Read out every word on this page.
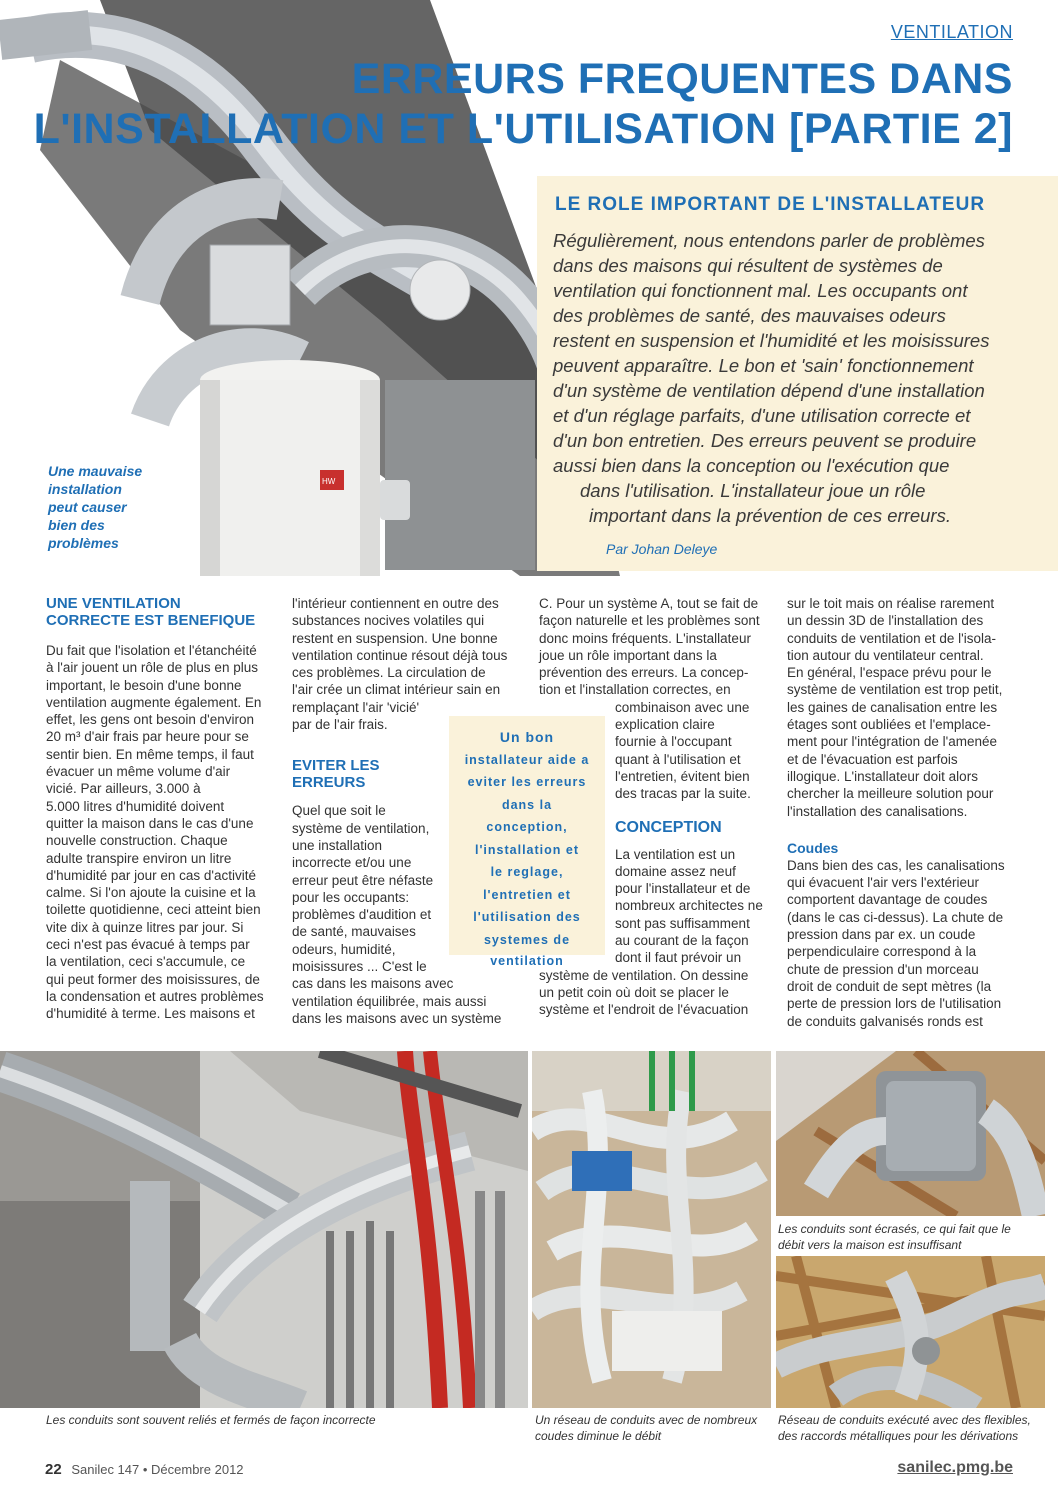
HW
VENTILATION
ERREURS FREQUENTES DANS
L'INSTALLATION ET L'UTILISATION [PARTIE 2]
LE ROLE IMPORTANT DE L'INSTALLATEUR
Régulièrement, nous entendons parler de problèmes
dans des maisons qui résultent de systèmes de
ventilation qui fonctionnent mal. Les occupants ont
des problèmes de santé, des mauvaises odeurs
restent en suspension et l'humidité et les moisissures
peuvent apparaître. Le bon et 'sain' fonctionnement
d'un système de ventilation dépend d'une installation
et d'un réglage parfaits, d'une utilisation correcte et
d'un bon entretien. Des erreurs peuvent se produire
aussi bien dans la conception ou l'exécution que
dans l'utilisation. L'installateur joue un rôle
important dans la prévention de ces erreurs.
Par Johan Deleye
Une mauvaise installation peut causer bien des problèmes
UNE VENTILATION
CORRECTE EST BENEFIQUE

Du fait que l'isolation et l'étanchéité

à l'air jouent un rôle de plus en plus

important, le besoin d'une bonne

ventilation augmente également. En

effet, les gens ont besoin d'environ

20 m³ d'air frais par heure pour se

sentir bien. En même temps, il faut

évacuer un même volume d'air

vicié. Par ailleurs, 3.000 à

5.000 litres d'humidité doivent

quitter la maison dans le cas d'une

nouvelle construction. Chaque

adulte transpire environ un litre

d'humidité par jour en cas d'activité

calme. Si l'on ajoute la cuisine et la

toilette quotidienne, ceci atteint bien

vite dix à quinze litres par jour. Si

ceci n'est pas évacué à temps par

la ventilation, ceci s'accumule, ce

qui peut former des moisissures, de

la condensation et autres problèmes

d'humidité à terme. Les maisons et

l'intérieur contiennent en outre des

substances nocives volatiles qui

restent en suspension. Une bonne

ventilation continue résout déjà tous

ces problèmes. La circulation de

l'air crée un climat intérieur sain en

remplaçant l'air 'vicié'

par de l'air frais.

EVITER LES
ERREURS

Quel que soit le

système de ventilation,

une installation

incorrecte et/ou une

erreur peut être néfaste

pour les occupants:

problèmes d'audition et

de santé, mauvaises

odeurs, humidité,

moisissures ... C'est le

cas dans les maisons avec

ventilation équilibrée, mais aussi

dans les maisons avec un système

Un bon
installateur aide a
eviter les erreurs
dans la
conception,
l'installation et
le reglage,
l'entretien et
l'utilisation des
systemes de
ventilation

C. Pour un système A, tout se fait de

façon naturelle et les problèmes sont

donc moins fréquents. L'installateur

joue un rôle important dans la

prévention des erreurs. La concep-

tion et l'installation correctes, en

combinaison avec une

explication claire

fournie à l'occupant

quant à l'utilisation et

l'entretien, évitent bien

des tracas par la suite.

CONCEPTION

La ventilation est un

domaine assez neuf

pour l'installateur et de

nombreux architectes ne

sont pas suffisamment

au courant de la façon

dont il faut prévoir un

système de ventilation. On dessine

un petit coin où doit se placer le

système et l'endroit de l'évacuation

sur le toit mais on réalise rarement

un dessin 3D de l'installation des

conduits de ventilation et de l'isola-

tion autour du ventilateur central.

En général, l'espace prévu pour le

système de ventilation est trop petit,

les gaines de canalisation entre les

étages sont oubliées et l'emplace-

ment pour l'intégration de l'amenée

et de l'évacuation est parfois

illogique. L'installateur doit alors

chercher la meilleure solution pour

l'installation des canalisations.

Coudes

Dans bien des cas, les canalisations

qui évacuent l'air vers l'extérieur

comportent davantage de coudes

(dans le cas ci-dessus). La chute de

pression dans par ex. un coude

perpendiculaire correspond à la

chute de pression d'un morceau

droit de conduit de sept mètres (la

perte de pression lors de l'utilisation

de conduits galvanisés ronds est

Les conduits sont écrasés, ce qui fait que le
débit vers la maison est insuffisant
Les conduits sont souvent reliés et fermés de façon incorrecte	Un réseau de conduits avec de nombreux
coudes diminue le débit
Réseau de conduits exécuté avec des flexibles,
des raccords métalliques pour les dérivations
22 Sanilec 147 • Décembre 2012	sanilec.pmg.be
